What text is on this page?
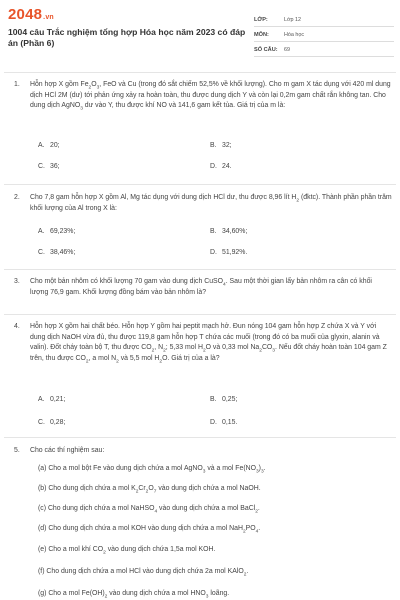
2048.vn
1004 câu Trắc nghiệm tổng hợp Hóa học năm 2023 có đáp án (Phần 6)
LỚP:	Lớp 12
MÔN:	Hóa học
SỐ CÂU:	69
1.	Hỗn hợp X gồm $Fe_2O_3$, FeO và Cu (trong đó sắt chiếm 52,5% về khối lượng). Cho m gam X tác dụng với 420 ml dung dịch HCl 2M (dư) tới phản ứng xảy ra hoàn toàn, thu được dung dịch Y và còn lại 0,2m gam chất rắn không tan. Cho dung dịch AgNO$_3$ dư vào Y, thu được khí NO và 141,6 gam kết tủa. Giá trị của m là:
A. 20;	B. 32;
C. 36;	D. 24.
2.	Cho 7,8 gam hỗn hợp X gồm Al, Mg tác dụng với dung dịch HCl dư, thu được 8,96 lít $H_2$ (đktc). Thành phần phần trăm khối lượng của Al trong X là:
A. 69,23%;	B. 34,60%;
C. 38,46%;	D. 51,92%.
3.	Cho một bản nhôm có khối lượng 70 gam vào dung dịch CuSO$_4$. Sau một thời gian lấy bản nhôm ra cân có khối lượng 76,9 gam. Khối lượng đồng bám vào bản nhôm là?
4.	Hỗn hợp X gồm hai chất béo. Hỗn hợp Y gồm hai peptit mạch hở. Đun nóng 104 gam hỗn hợp Z chứa X và Y với dung dịch NaOH vừa đủ, thu được 119,8 gam hỗn hợp T chứa các muối (trong đó có ba muối của glyxin, alanin và valin). Đốt cháy toàn bộ T, thu được $CO_2$, $N_2$; 5,33 mol $H_2O$ và 0,33 mol $Na_2CO_3$. Nếu đốt cháy hoàn toàn 104 gam Z trên, thu được $CO_2$, a mol $N_2$ và 5,5 mol $H_2O$. Giá trị của a là?
A. 0,21;	B. 0,25;
C. 0,28;	D. 0,15.
5.	Cho các thí nghiệm sau:
(a) Cho a mol bột Fe vào dung dịch chứa a mol AgNO$_3$ và a mol $Fe(NO_3)_3$.
(b) Cho dung dịch chứa a mol $K_2Cr_2O_7$ vào dung dịch chứa a mol NaOH.
(c) Cho dung dịch chứa a mol NaHSO$_4$ vào dung dịch chứa a mol BaCl$_2$.
(d) Cho dung dịch chứa a mol KOH vào dung dịch chứa a mol $NaH_2PO_4$.
(e) Cho a mol khí $CO_2$ vào dung dịch chứa 1,5a mol KOH.
(f) Cho dung dịch chứa a mol HCl vào dung dịch chứa 2a mol KAlO$_2$.
(g) Cho a mol $Fe(OH)_2$ vào dung dịch chứa a mol $HNO_3$ loãng.
